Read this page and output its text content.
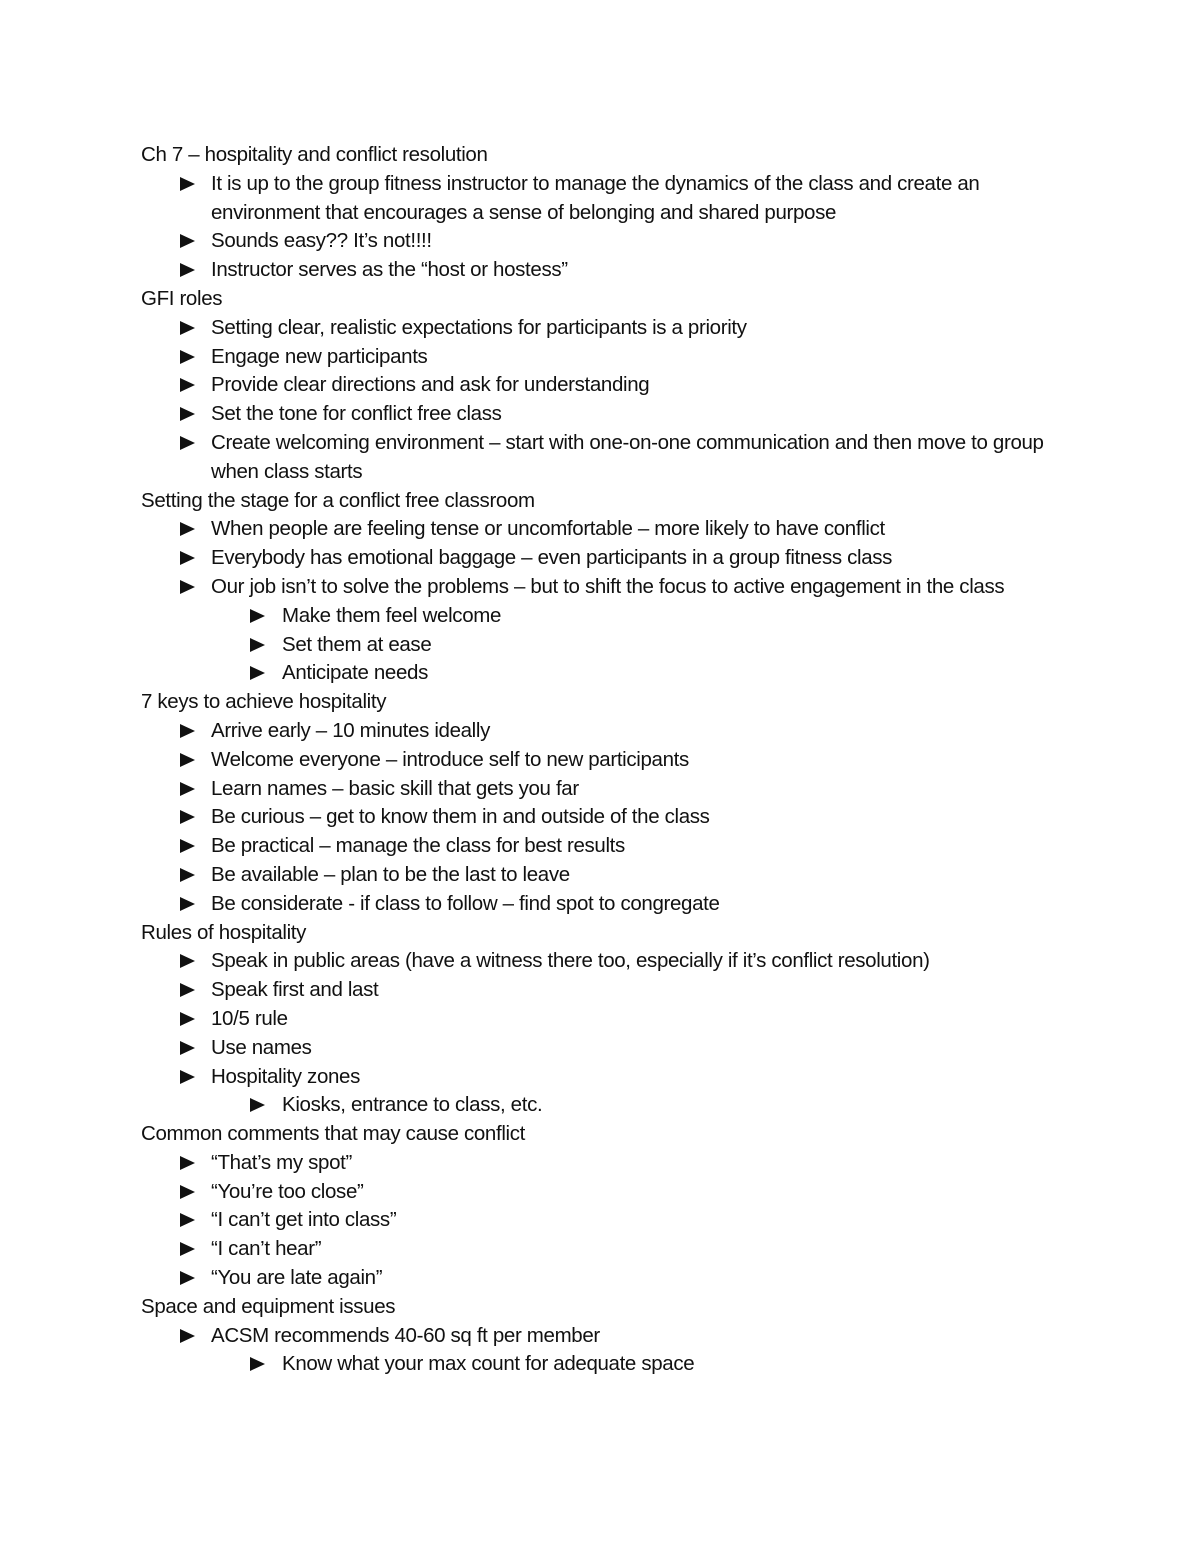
Ch 7 – hospitality and conflict resolution

It is up to the group fitness instructor to manage the dynamics of the class and create an environment that encourages a sense of belonging and shared purpose
Sounds easy?? It’s not!!!!
Instructor serves as the “host or hostess”

GFI roles

Setting clear, realistic expectations for participants is a priority
Engage new participants
Provide clear directions and ask for understanding
Set the tone for conflict free class
Create welcoming environment – start with one-on-one communication and then move to group when class starts

Setting the stage for a conflict free classroom

When people are feeling tense or uncomfortable – more likely to have conflict
Everybody has emotional baggage – even participants in a group fitness class
Our job isn’t to solve the problems – but to shift the focus to active engagement in the class
Make them feel welcome
Set them at ease
Anticipate needs

7 keys to achieve hospitality

Arrive early – 10 minutes ideally
Welcome everyone – introduce self to new participants
Learn names – basic skill that gets you far
Be curious – get to know them in and outside of the class
Be practical – manage the class for best results
Be available – plan to be the last to leave
Be considerate - if class to follow – find spot to congregate

Rules of hospitality

Speak in public areas (have a witness there too, especially if it’s conflict resolution)
Speak first and last
10/5 rule
Use names
Hospitality zones
Kiosks, entrance to class, etc.

Common comments that may cause conflict

“That’s my spot”
“You’re too close”
“I can’t get into class”
“I can’t hear”
“You are late again”

Space and equipment issues

ACSM recommends 40-60 sq ft per member
Know what your max count for adequate space
